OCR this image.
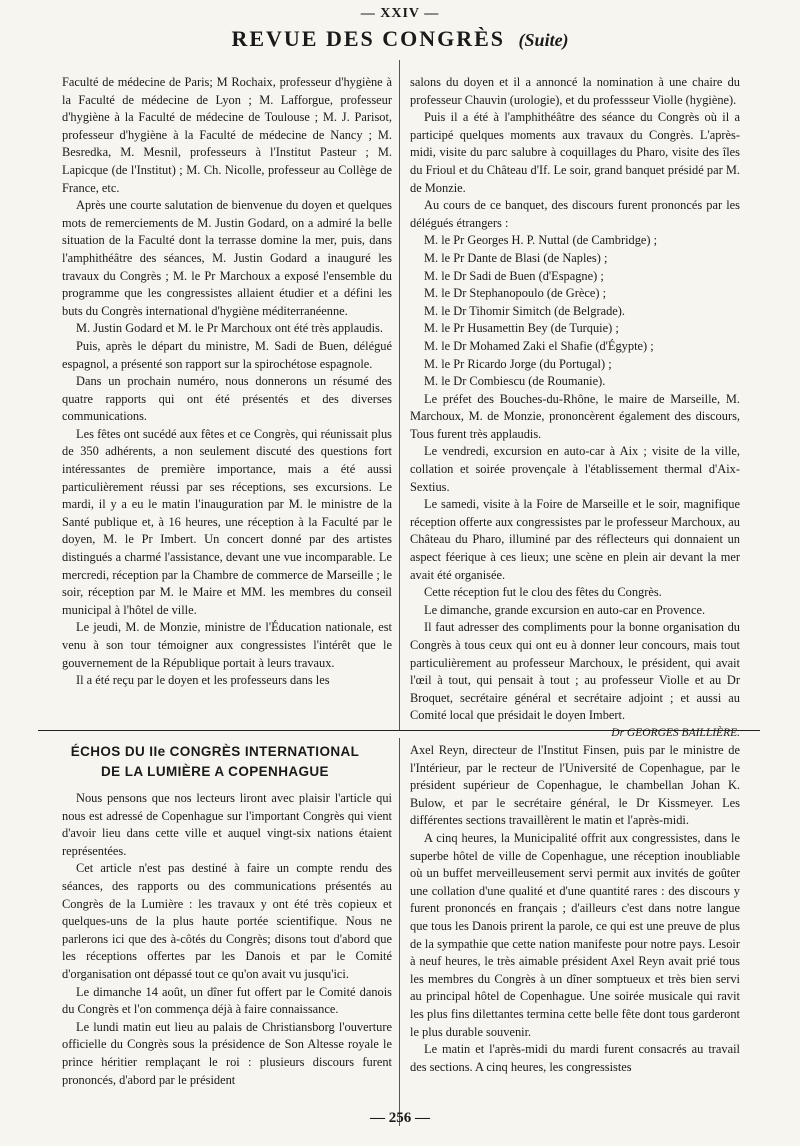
— XXIV —
REVUE DES CONGRÈS (Suite)

Faculté de médecine de Paris; M Rochaix, professeur d'hygiène à la Faculté de médecine de Lyon ; M. Lafforgue, professeur d'hygiène à la Faculté de médecine de Toulouse ; M. J. Parisot, professeur d'hygiène à la Faculté de médecine de Nancy ; M. Besredka, M. Mesnil, professeurs à l'Institut Pasteur ; M. Lapicque (de l'Institut) ; M. Ch. Nicolle, professeur au Collège de France, etc.

Après une courte salutation de bienvenue du doyen et quelques mots de remerciements de M. Justin Godard, on a admiré la belle situation de la Faculté dont la terrasse domine la mer, puis, dans l'amphithéâtre des séances, M. Justin Godard a inauguré les travaux du Congrès ; M. le Pr Marchoux a exposé l'ensemble du programme que les congressistes allaient étudier et a défini les buts du Congrès international d'hygiène méditerranéenne.

M. Justin Godard et M. le Pr Marchoux ont été très applaudis.

Puis, après le départ du ministre, M. Sadi de Buen, délégué espagnol, a présenté son rapport sur la spirochétose espagnole.

Dans un prochain numéro, nous donnerons un résumé des quatre rapports qui ont été présentés et des diverses communications.

Les fêtes ont sucédé aux fêtes et ce Congrès, qui réunissait plus de 350 adhérents, a non seulement discuté des questions fort intéressantes de première importance, mais a été aussi particulièrement réussi par ses réceptions, ses excursions. Le mardi, il y a eu le matin l'inauguration par M. le ministre de la Santé publique et, à 16 heures, une réception à la Faculté par le doyen, M. le Pr Imbert. Un concert donné par des artistes distingués a charmé l'assistance, devant une vue incomparable. Le mercredi, réception par la Chambre de commerce de Marseille ; le soir, réception par M. le Maire et MM. les membres du conseil municipal à l'hôtel de ville.

Le jeudi, M. de Monzie, ministre de l'Éducation nationale, est venu à son tour témoigner aux congressistes l'intérêt que le gouvernement de la République portait à leurs travaux.

Il a été reçu par le doyen et les professeurs dans les

salons du doyen et il a annoncé la nomination à une chaire du professeur Chauvin (urologie), et du professseur Violle (hygiène).

Puis il a été à l'amphithéâtre des séance du Congrès où il a participé quelques moments aux travaux du Congrès. L'après-midi, visite du parc salubre à coquillages du Pharo, visite des îles du Frioul et du Château d'If. Le soir, grand banquet présidé par M. de Monzie.

Au cours de ce banquet, des discours furent prononcés par les délégués étrangers :

M. le Pr Georges H. P. Nuttal (de Cambridge) ;

M. le Pr Dante de Blasi (de Naples) ;

M. le Dr Sadi de Buen (d'Espagne) ;

M. le Dr Stephanopoulo (de Grèce) ;

M. le Dr Tihomir Simitch (de Belgrade).

M. le Pr Husamettin Bey (de Turquie) ;

M. le Dr Mohamed Zaki el Shafie (d'Égypte) ;

M. le Pr Ricardo Jorge (du Portugal) ;

M. le Dr Combiescu (de Roumanie).

Le préfet des Bouches-du-Rhône, le maire de Marseille, M. Marchoux, M. de Monzie, prononcèrent également des discours, Tous furent très applaudis.

Le vendredi, excursion en auto-car à Aix ; visite de la ville, collation et soirée provençale à l'établissement thermal d'Aix-Sextius.

Le samedi, visite à la Foire de Marseille et le soir, magnifique réception offerte aux congressistes par le professeur Marchoux, au Château du Pharo, illuminé par des réflecteurs qui donnaient un aspect féerique à ces lieux; une scène en plein air devant la mer avait été organisée.

Cette réception fut le clou des fêtes du Congrès.

Le dimanche, grande excursion en auto-car en Provence.

Il faut adresser des compliments pour la bonne organisation du Congrès à tous ceux qui ont eu à donner leur concours, mais tout particulièrement au professeur Marchoux, le président, qui avait l'œil à tout, qui pensait à tout ; au professeur Violle et au Dr Broquet, secrétaire général et secrétaire adjoint ; et aussi au Comité local que présidait le doyen Imbert.

Dr GEORGES BAILLIÈRE.

ÉCHOS DU IIe CONGRÈS INTERNATIONAL
DE LA LUMIÈRE A COPENHAGUE

Nous pensons que nos lecteurs liront avec plaisir l'article qui nous est adressé de Copenhague sur l'important Congrès qui vient d'avoir lieu dans cette ville et auquel vingt-six nations étaient représentées.

Cet article n'est pas destiné à faire un compte rendu des séances, des rapports ou des communications présentés au Congrès de la Lumière : les travaux y ont été très copieux et quelques-uns de la plus haute portée scientifique. Nous ne parlerons ici que des à-côtés du Congrès; disons tout d'abord que les réceptions offertes par les Danois et par le Comité d'organisation ont dépassé tout ce qu'on avait vu jusqu'ici.

Le dimanche 14 août, un dîner fut offert par le Comité danois du Congrès et l'on commença déjà à faire connaissance.

Le lundi matin eut lieu au palais de Christiansborg l'ouverture officielle du Congrès sous la présidence de Son Altesse royale le prince héritier remplaçant le roi : plusieurs discours furent prononcés, d'abord par le président

Axel Reyn, directeur de l'Institut Finsen, puis par le ministre de l'Intérieur, par le recteur de l'Université de Copenhague, par le président supérieur de Copenhague, le chambellan Johan K. Bulow, et par le secrétaire général, le Dr Kissmeyer. Les différentes sections travaillèrent le matin et l'après-midi.

A cinq heures, la Municipalité offrit aux congressistes, dans le superbe hôtel de ville de Copenhague, une réception inoubliable où un buffet merveilleusement servi permit aux invités de goûter une collation d'une qualité et d'une quantité rares : des discours y furent prononcés en français ; d'ailleurs c'est dans notre langue que tous les Danois prirent la parole, ce qui est une preuve de plus de la sympathie que cette nation manifeste pour notre pays. Lesoir à neuf heures, le très aimable président Axel Reyn avait prié tous les membres du Congrès à un dîner somptueux et très bien servi au principal hôtel de Copenhague. Une soirée musicale qui ravit les plus fins dilettantes termina cette belle fête dont tous garderont le plus durable souvenir.

Le matin et l'après-midi du mardi furent consacrés au travail des sections. A cinq heures, les congressistes

— 256 —
